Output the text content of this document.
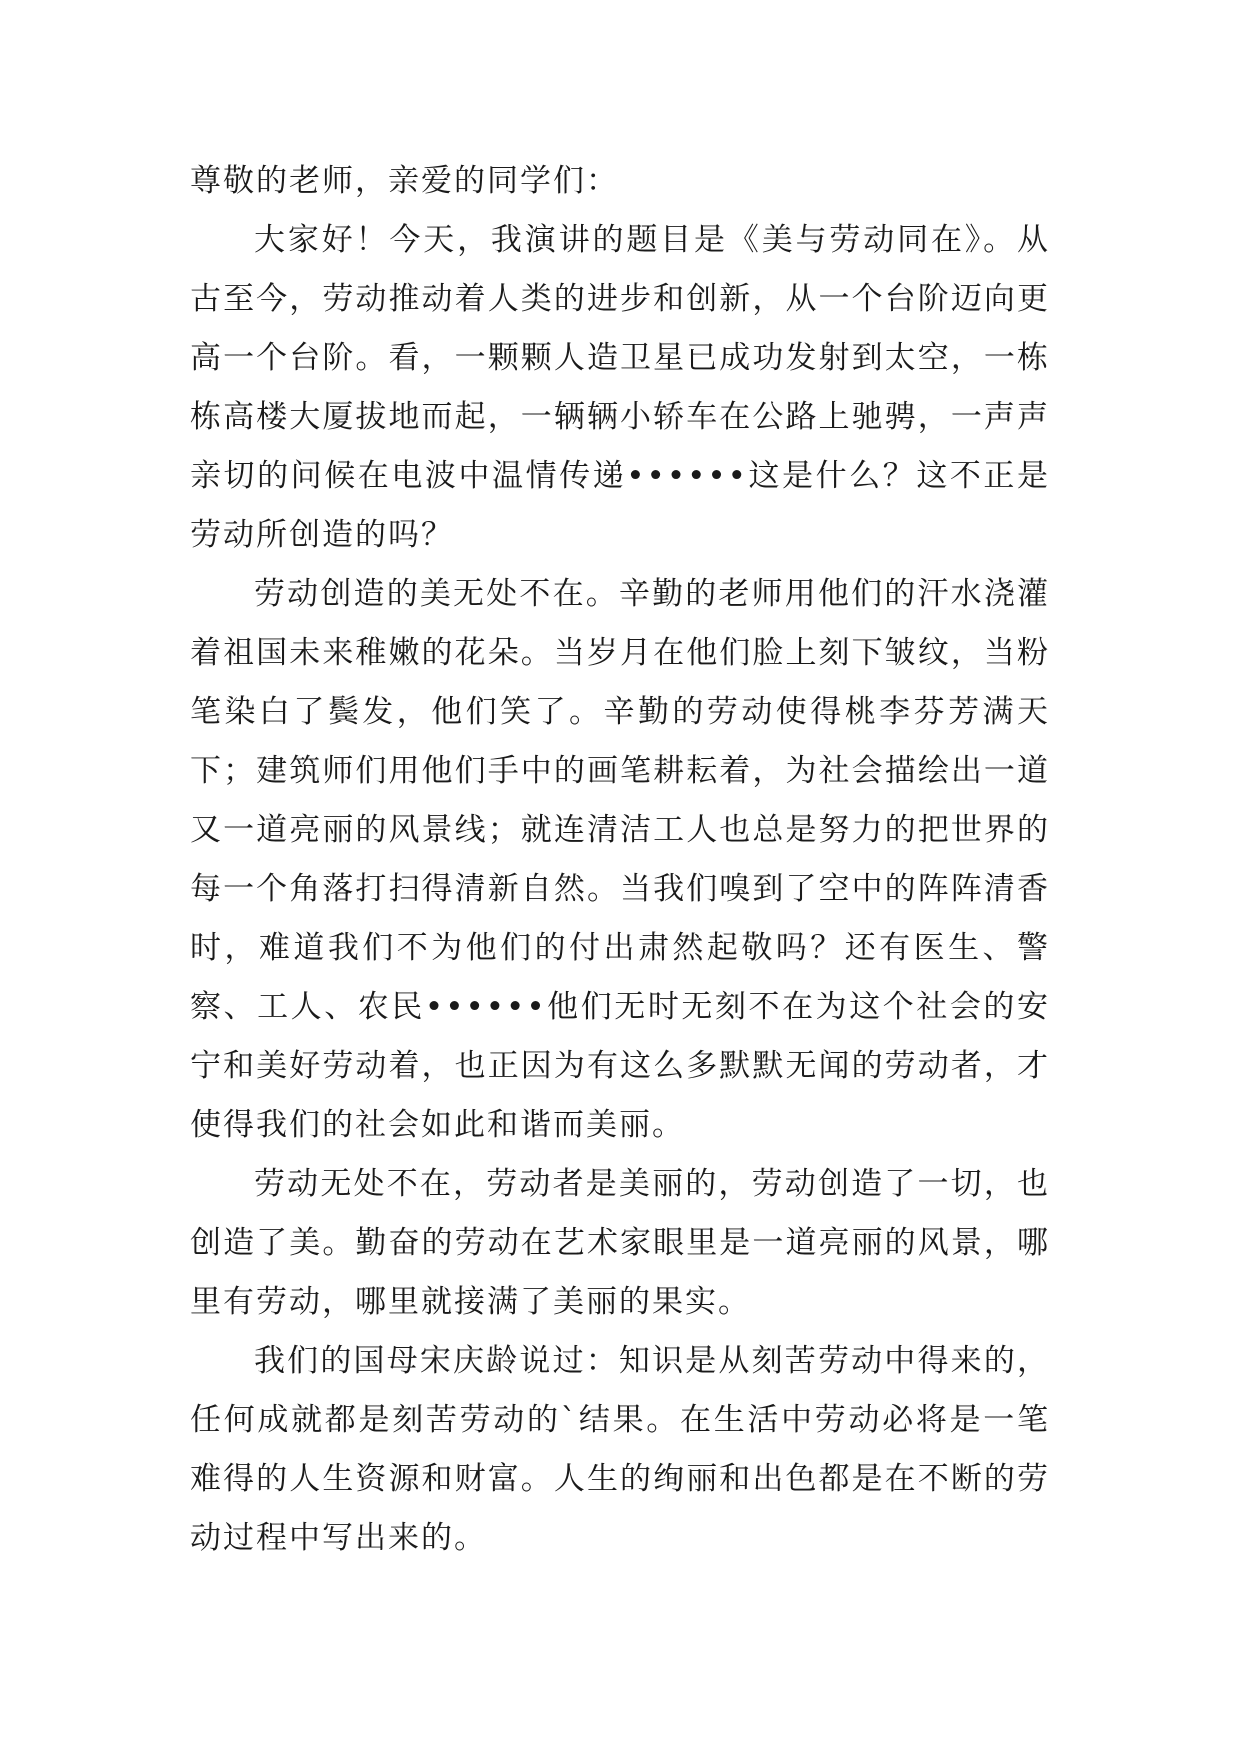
尊敬的老师，亲爱的同学们：

大家好！今天，我演讲的题目是《美与劳动同在》。从古至今，劳动推动着人类的进步和创新，从一个台阶迈向更高一个台阶。看，一颗颗人造卫星已成功发射到太空，一栋栋高楼大厦拔地而起，一辆辆小轿车在公路上驰骋，一声声亲切的问候在电波中温情传递••••••这是什么？这不正是劳动所创造的吗？

劳动创造的美无处不在。辛勤的老师用他们的汗水浇灌着祖国未来稚嫩的花朵。当岁月在他们脸上刻下皱纹，当粉笔染白了鬓发，他们笑了。辛勤的劳动使得桃李芬芳满天下；建筑师们用他们手中的画笔耕耘着，为社会描绘出一道又一道亮丽的风景线；就连清洁工人也总是努力的把世界的每一个角落打扫得清新自然。当我们嗅到了空中的阵阵清香时，难道我们不为他们的付出肃然起敬吗？还有医生、警察、工人、农民••••••他们无时无刻不在为这个社会的安宁和美好劳动着，也正因为有这么多默默无闻的劳动者，才使得我们的社会如此和谐而美丽。

劳动无处不在，劳动者是美丽的，劳动创造了一切，也创造了美。勤奋的劳动在艺术家眼里是一道亮丽的风景，哪里有劳动，哪里就接满了美丽的果实。

我们的国母宋庆龄说过：知识是从刻苦劳动中得来的，任何成就都是刻苦劳动的`结果。在生活中劳动必将是一笔难得的人生资源和财富。人生的绚丽和出色都是在不断的劳动过程中写出来的。
